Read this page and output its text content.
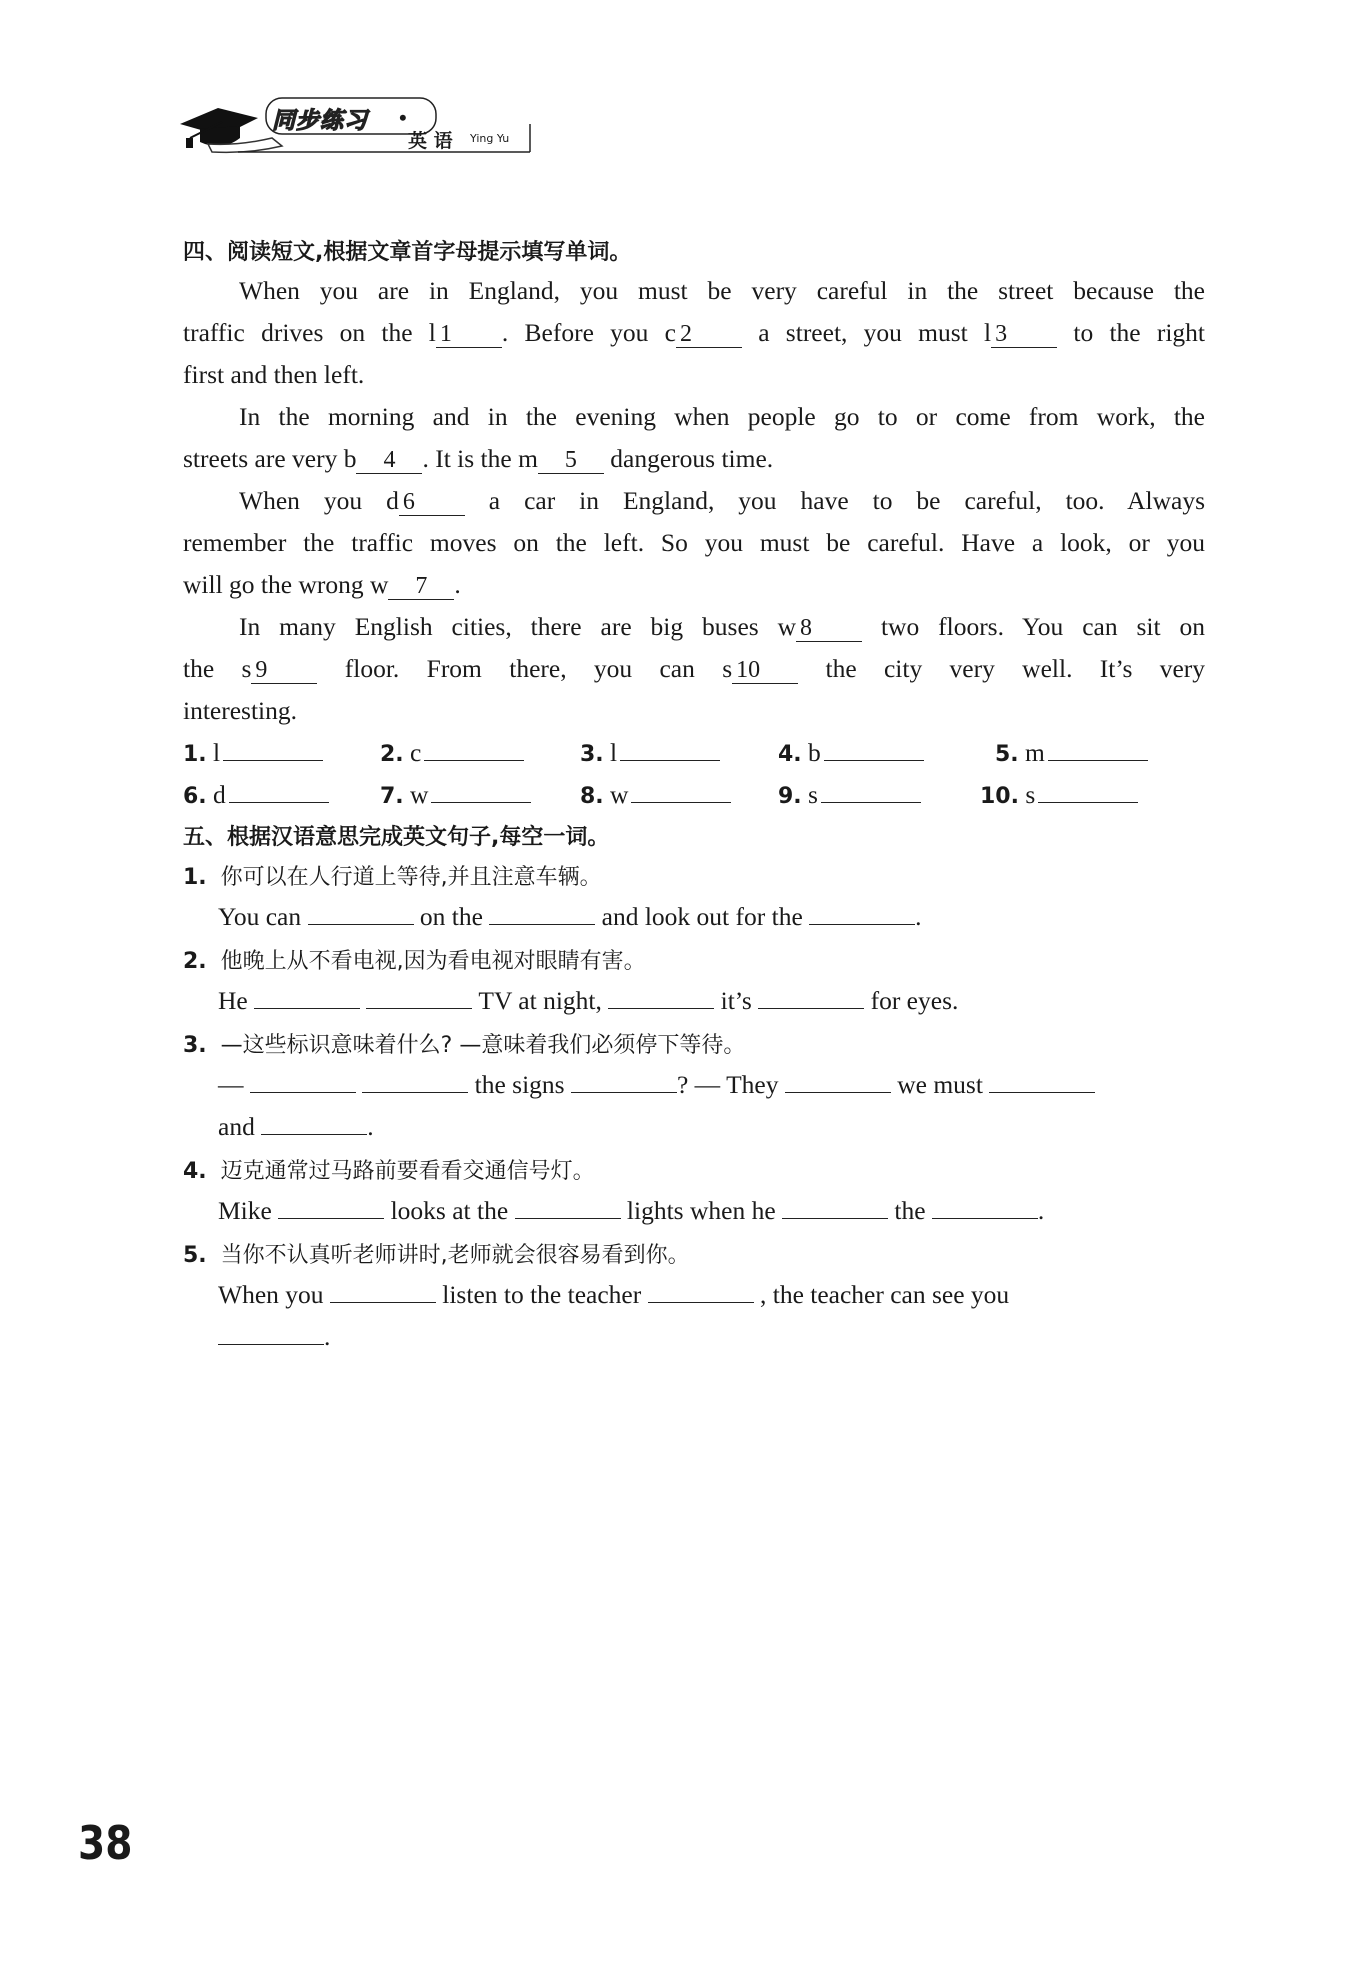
同步练习 •
英 语 Ying Yu
四、阅读短文,根据文章首字母提示填写单词。
When you are in England, you must be very careful in the street because the
traffic drives on the l 1 . Before you c 2	a street, you must l 3	to the right
first and then left.
In the morning and in the evening when people go to or come from work, the
streets are very b 4 . It is the m 5 dangerous time.
When you d 6	a car in England, you have to be careful, too. Always
remember the traffic moves on the left. So you must be careful. Have a look, or you
will go the wrong w 7 .
In many English cities, there are big buses w 8	two floors. You can sit on
the s 9	floor. From there, you can s 10	the city very well. It’s very
interesting.
1. l	2. c	3. l	4. b	5. m
6. d	7. w	8. w	9. s	10. s
五、根据汉语意思完成英文句子,每空一词。
1. 你可以在人行道上等待,并且注意车辆。
You can	on the	and look out for the	.
2. 他晚上从不看电视,因为看电视对眼睛有害。
He	TV at night,	it’s	for eyes.
3. —这些标识意味着什么? —意味着我们必须停下等待。
—	the signs	? — They	we must
and	.
4. 迈克通常过马路前要看看交通信号灯。
Mike	looks at the	lights when he	the	.
5. 当你不认真听老师讲时,老师就会很容易看到你。
When you	listen to the teacher	, the teacher can see you
.
38
